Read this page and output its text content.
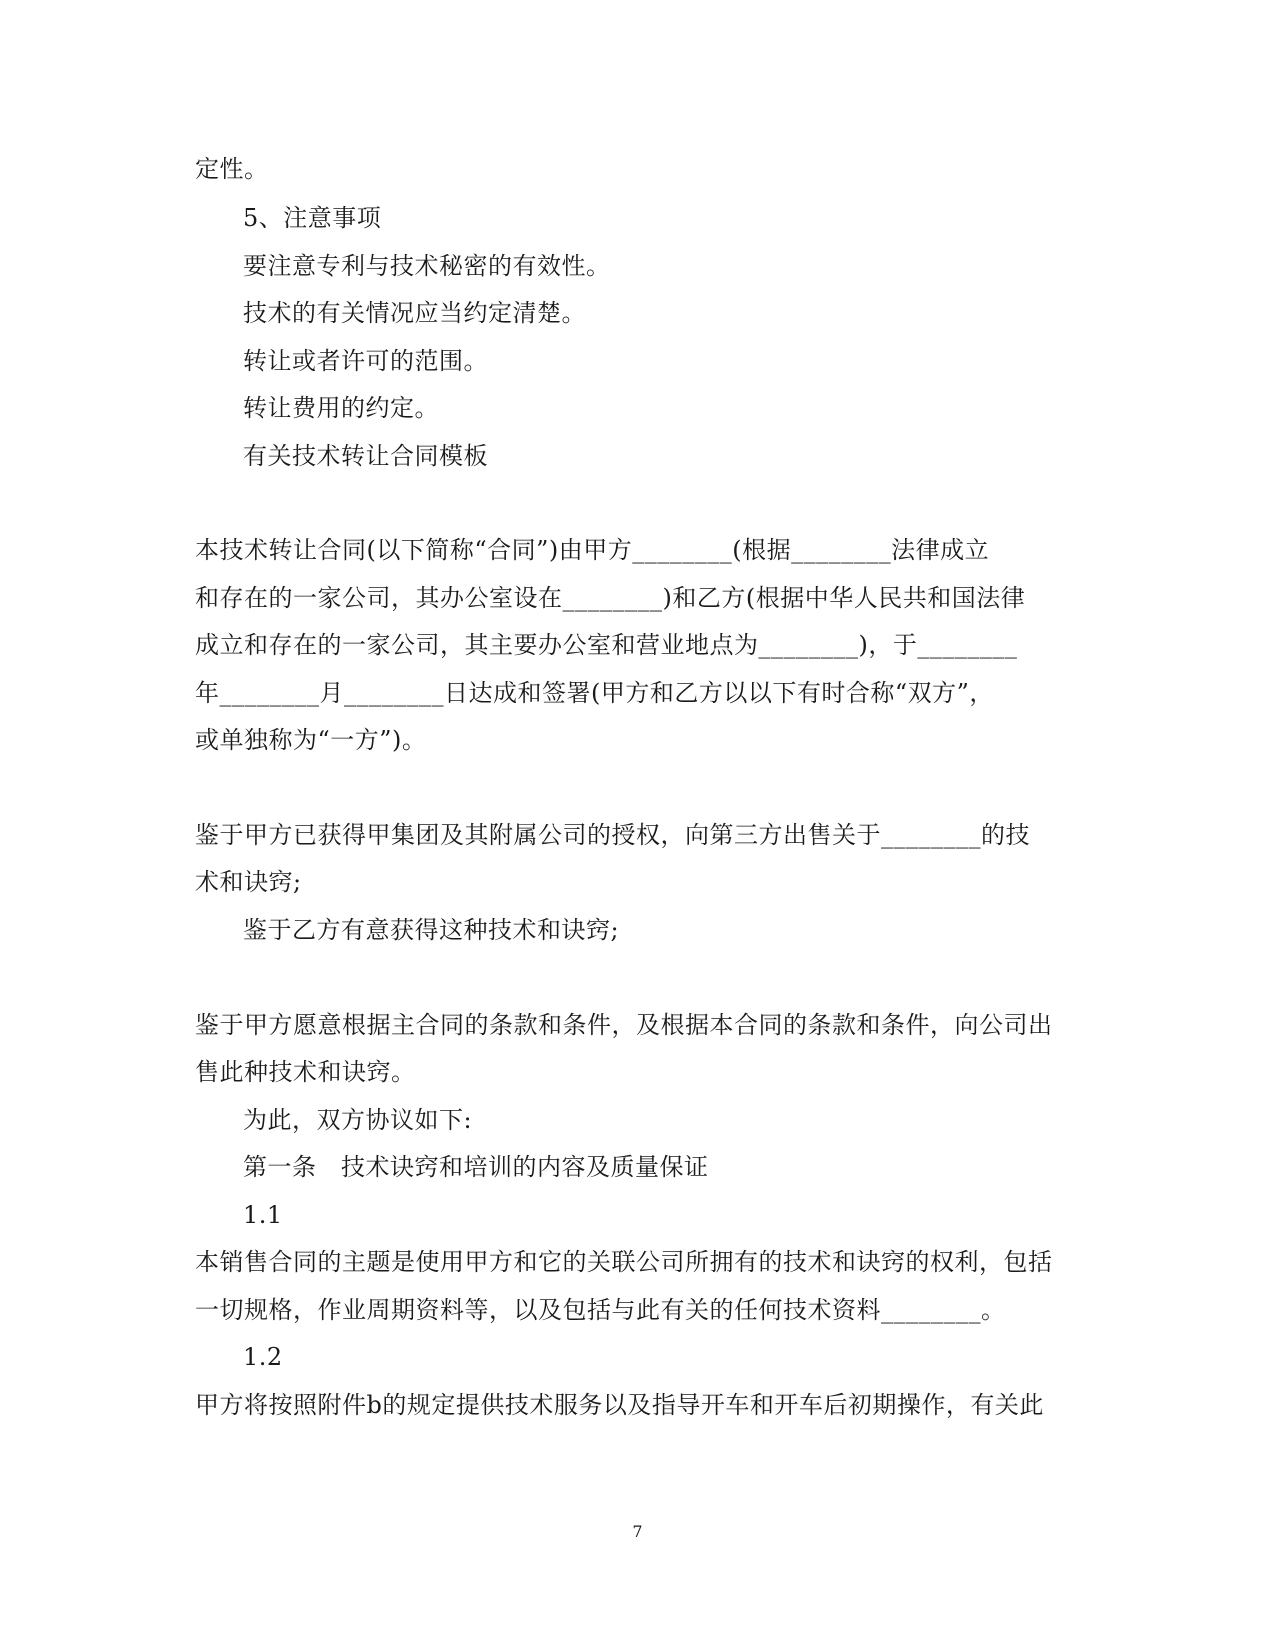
定性。
5、注意事项
要注意专利与技术秘密的有效性。
技术的有关情况应当约定清楚。
转让或者许可的范围。
转让费用的约定。
有关技术转让合同模板
本技术转让合同(以下简称“合同”)由甲方________(根据________法律成立
和存在的一家公司，其办公室设在________)和乙方(根据中华人民共和国法律
成立和存在的一家公司，其主要办公室和营业地点为________)，于________
年________月________日达成和签署(甲方和乙方以以下有时合称“双方”，
或单独称为“一方”)。
鉴于甲方已获得甲集团及其附属公司的授权，向第三方出售关于________的技
术和诀窍;
鉴于乙方有意获得这种技术和诀窍;
鉴于甲方愿意根据主合同的条款和条件，及根据本合同的条款和条件，向公司出
售此种技术和诀窍。
为此，双方协议如下:
第一条　技术诀窍和培训的内容及质量保证
1.1
本销售合同的主题是使用甲方和它的关联公司所拥有的技术和诀窍的权利，包括
一切规格，作业周期资料等，以及包括与此有关的任何技术资料________。
1.2
甲方将按照附件b的规定提供技术服务以及指导开车和开车后初期操作，有关此
7
